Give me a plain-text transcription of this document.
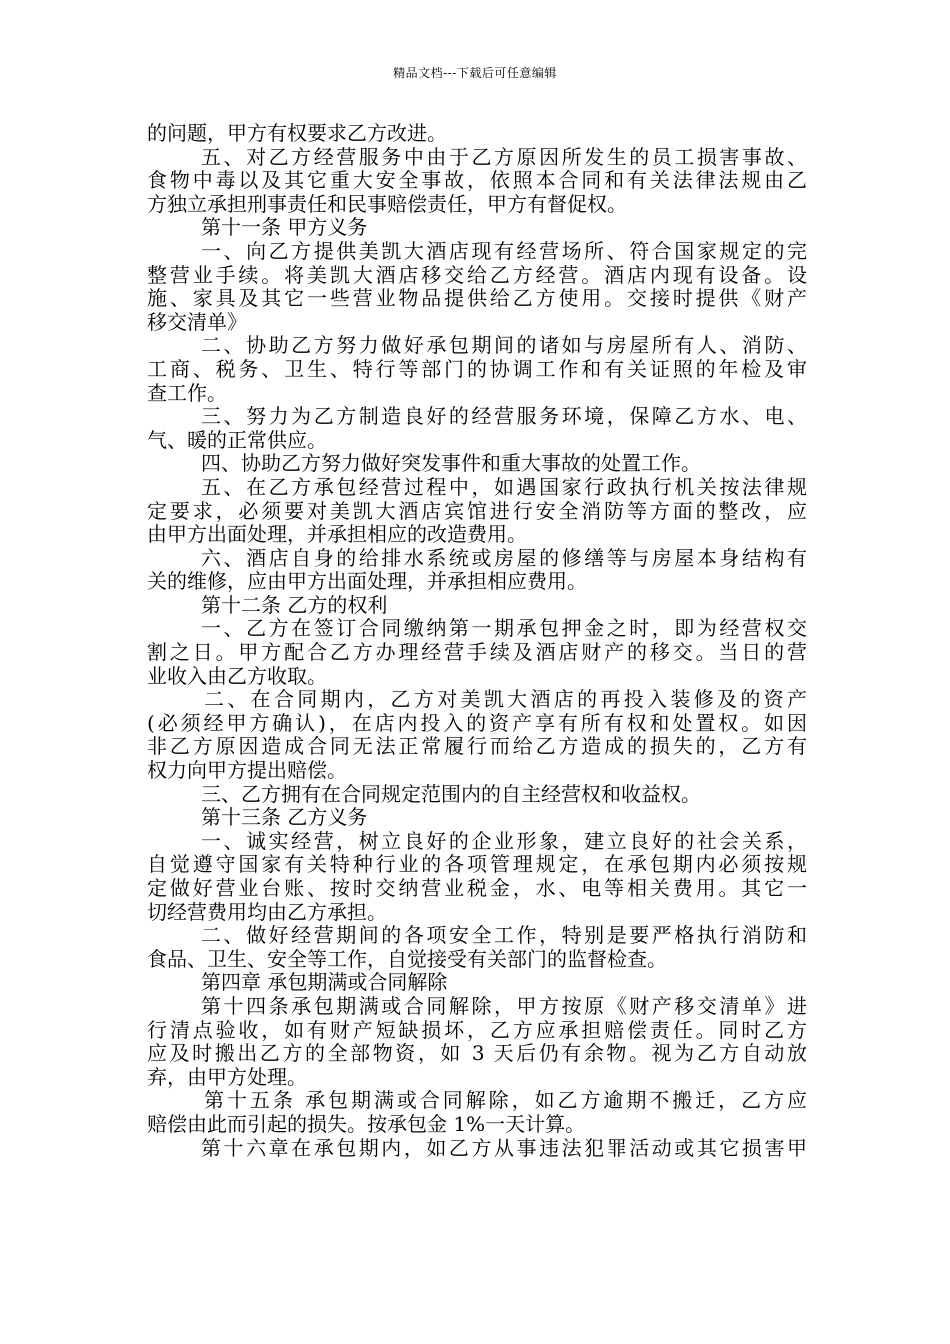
精品文档---下载后可任意编辑
的问题，甲方有权要求乙方改进。
五、对乙方经营服务中由于乙方原因所发生的员工损害事故、
食物中毒以及其它重大安全事故，依照本合同和有关法律法规由乙
方独立承担刑事责任和民事赔偿责任，甲方有督促权。
第十一条 甲方义务
一、向乙方提供美凯大酒店现有经营场所、符合国家规定的完
整营业手续。将美凯大酒店移交给乙方经营。酒店内现有设备。设
施、家具及其它一些营业物品提供给乙方使用。交接时提供《财产
移交清单》
二、协助乙方努力做好承包期间的诸如与房屋所有人、消防、
工商、税务、卫生、特行等部门的协调工作和有关证照的年检及审
查工作。
三、努力为乙方制造良好的经营服务环境，保障乙方水、电、
气、暖的正常供应。
四、协助乙方努力做好突发事件和重大事故的处置工作。
五、在乙方承包经营过程中，如遇国家行政执行机关按法律规
定要求，必须要对美凯大酒店宾馆进行安全消防等方面的整改，应
由甲方出面处理，并承担相应的改造费用。
六、酒店自身的给排水系统或房屋的修缮等与房屋本身结构有
关的维修，应由甲方出面处理，并承担相应费用。
第十二条 乙方的权利
一、乙方在签订合同缴纳第一期承包押金之时，即为经营权交
割之日。甲方配合乙方办理经营手续及酒店财产的移交。当日的营
业收入由乙方收取。
二、在合同期内，乙方对美凯大酒店的再投入装修及的资产
(必须经甲方确认)，在店内投入的资产享有所有权和处置权。如因
非乙方原因造成合同无法正常履行而给乙方造成的损失的，乙方有
权力向甲方提出赔偿。
三、乙方拥有在合同规定范围内的自主经营权和收益权。
第十三条 乙方义务
一、诚实经营，树立良好的企业形象，建立良好的社会关系，
自觉遵守国家有关特种行业的各项管理规定，在承包期内必须按规
定做好营业台账、按时交纳营业税金，水、电等相关费用。其它一
切经营费用均由乙方承担。
二、做好经营期间的各项安全工作，特别是要严格执行消防和
食品、卫生、安全等工作，自觉接受有关部门的监督检查。
第四章 承包期满或合同解除
第十四条承包期满或合同解除，甲方按原《财产移交清单》进
行清点验收，如有财产短缺损坏，乙方应承担赔偿责任。同时乙方
应及时搬出乙方的全部物资，如 3 天后仍有余物。视为乙方自动放
弃，由甲方处理。
第十五条 承包期满或合同解除，如乙方逾期不搬迁，乙方应
赔偿由此而引起的损失。按承包金 1%一天计算。
第十六章在承包期内，如乙方从事违法犯罪活动或其它损害甲
